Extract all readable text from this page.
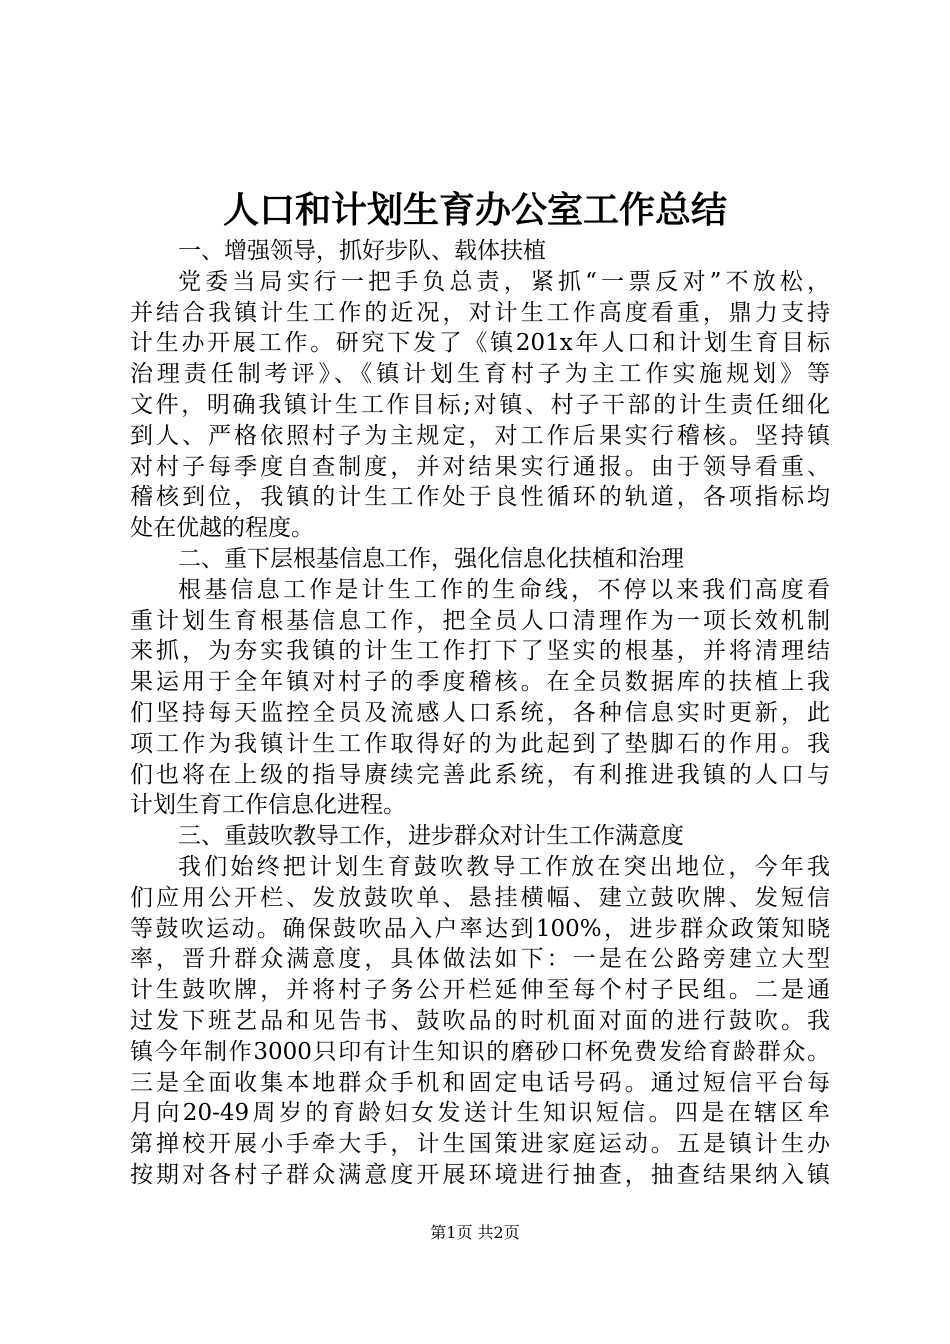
人口和计划生育办公室工作总结
一、增强领导，抓好步队、载体扶植
党委当局实行一把手负总责，紧抓“一票反对”不放松，
并结合我镇计生工作的近况，对计生工作高度看重，鼎力支持
计生办开展工作。研究下发了《镇201x年人口和计划生育目标
治理责任制考评》、《镇计划生育村子为主工作实施规划》等
文件，明确我镇计生工作目标;对镇、村子干部的计生责任细化
到人、严格依照村子为主规定，对工作后果实行稽核。坚持镇
对村子每季度自查制度，并对结果实行通报。由于领导看重、
稽核到位，我镇的计生工作处于良性循环的轨道，各项指标均
处在优越的程度。
二、重下层根基信息工作，强化信息化扶植和治理
根基信息工作是计生工作的生命线，不停以来我们高度看
重计划生育根基信息工作，把全员人口清理作为一项长效机制
来抓，为夯实我镇的计生工作打下了坚实的根基，并将清理结
果运用于全年镇对村子的季度稽核。在全员数据库的扶植上我
们坚持每天监控全员及流感人口系统，各种信息实时更新，此
项工作为我镇计生工作取得好的为此起到了垫脚石的作用。我
们也将在上级的指导赓续完善此系统，有利推进我镇的人口与
计划生育工作信息化进程。
三、重鼓吹教导工作，进步群众对计生工作满意度
我们始终把计划生育鼓吹教导工作放在突出地位，今年我
们应用公开栏、发放鼓吹单、悬挂横幅、建立鼓吹牌、发短信
等鼓吹运动。确保鼓吹品入户率达到100%，进步群众政策知晓
率，晋升群众满意度，具体做法如下：一是在公路旁建立大型
计生鼓吹牌，并将村子务公开栏延伸至每个村子民组。二是通
过发下班艺品和见告书、鼓吹品的时机面对面的进行鼓吹。我
镇今年制作3000只印有计生知识的磨砂口杯免费发给育龄群众。
三是全面收集本地群众手机和固定电话号码。通过短信平台每
月向20-49周岁的育龄妇女发送计生知识短信。四是在辖区牟
第掸校开展小手牵大手，计生国策进家庭运动。五是镇计生办
按期对各村子群众满意度开展环境进行抽查，抽查结果纳入镇
第1页 共2页
